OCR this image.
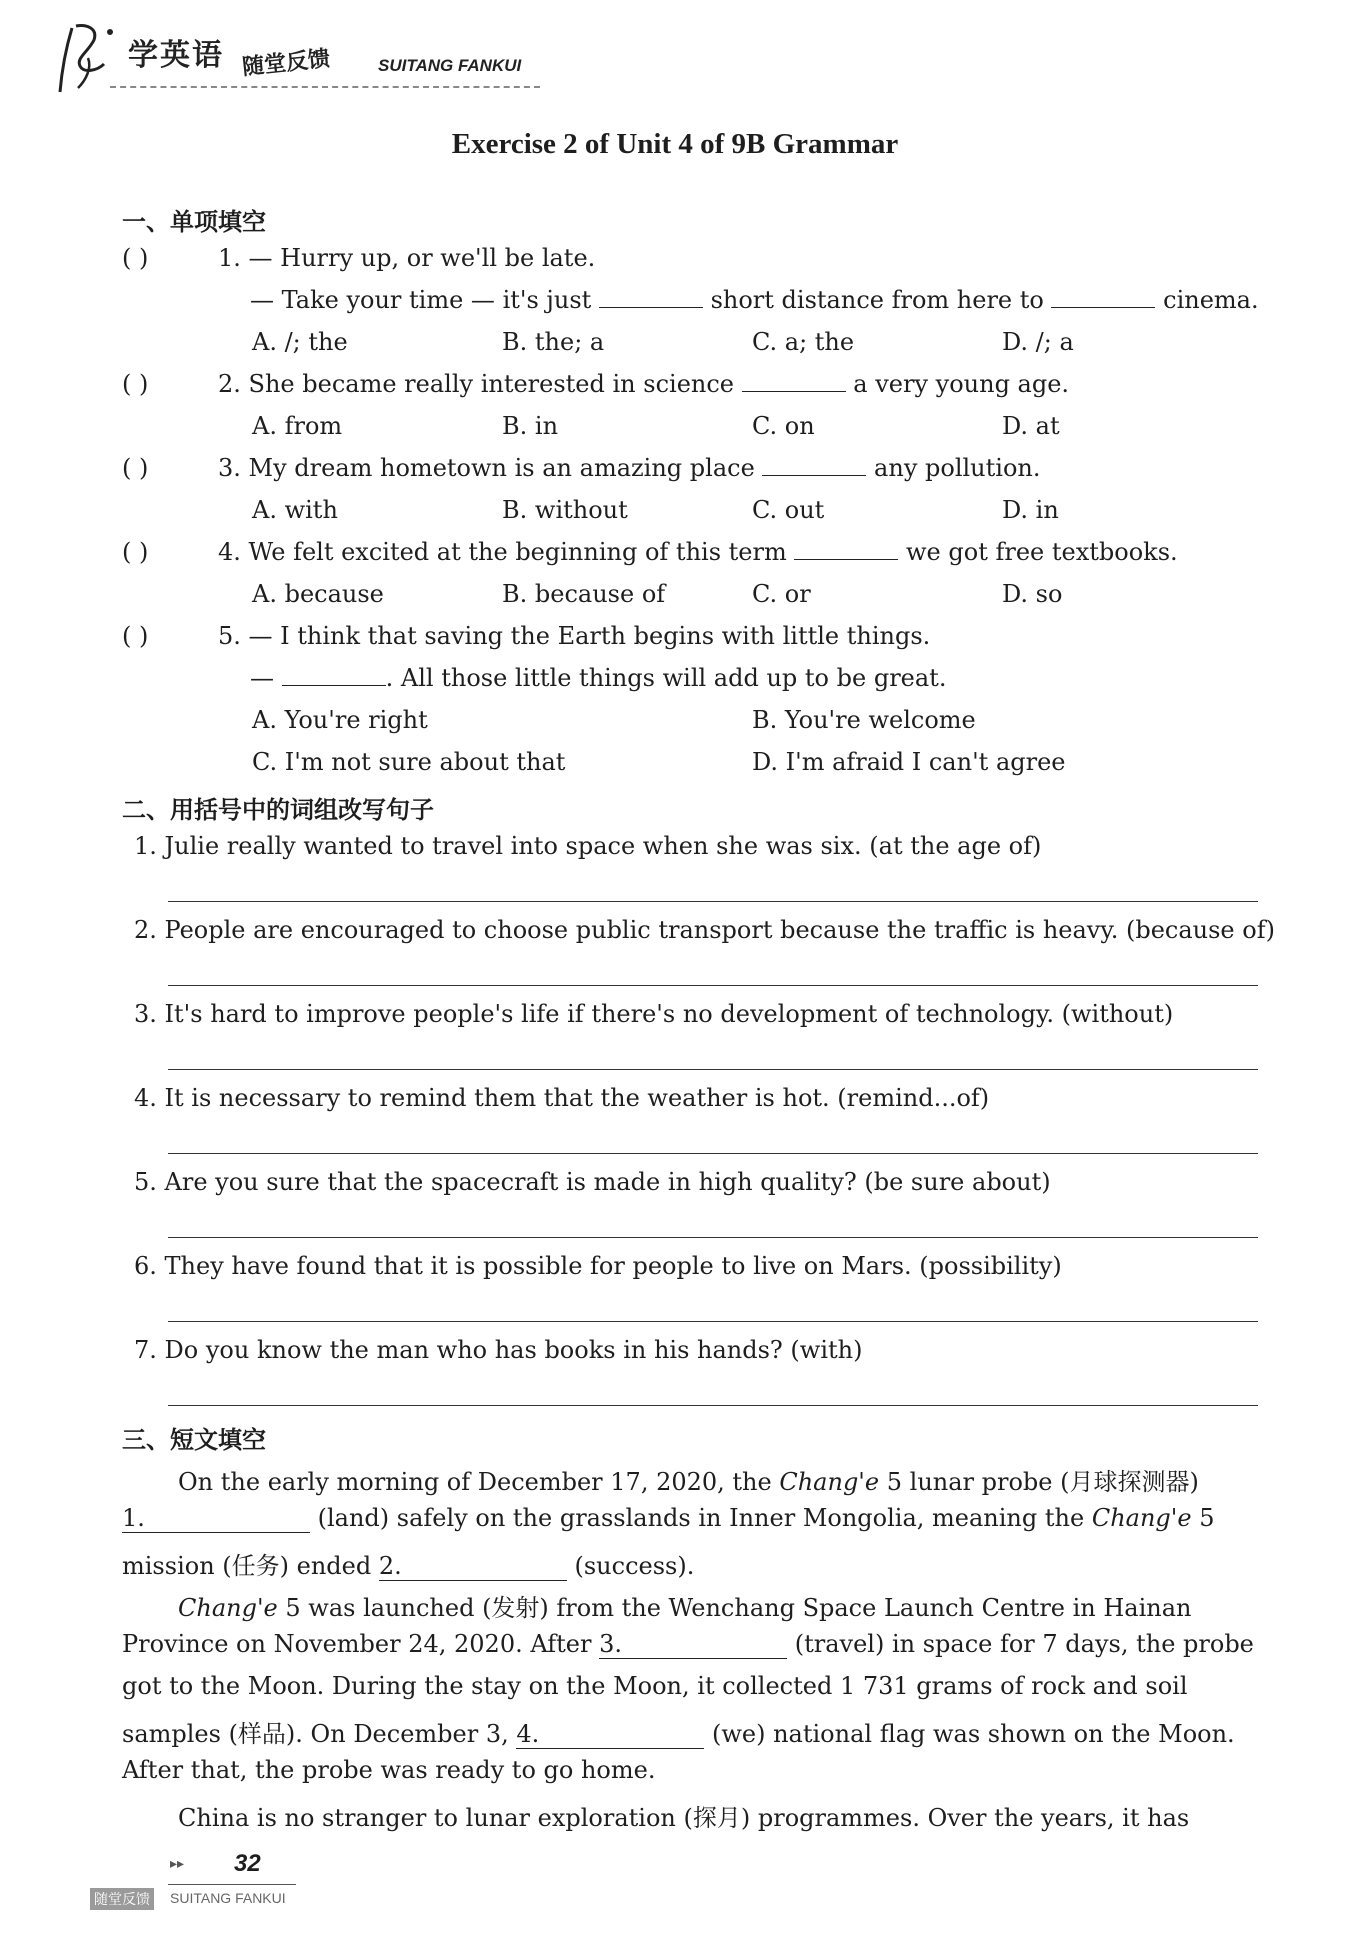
学英语 随堂反馈	SUITANG FANKUI
Exercise 2 of Unit 4 of 9B Grammar
一、单项填空
( )	1. — Hurry up, or we'll be late.
— Take your time — it's just	short distance from here to	cinema.
A. /; the	B. the; a	C. a; the	D. /; a
( )	2. She became really interested in science	a very young age.
A. from	B. in	C. on	D. at
( )	3. My dream hometown is an amazing place	any pollution.
A. with	B. without	C. out	D. in
( )	4. We felt excited at the beginning of this term	we got free textbooks.
A. because	B. because of	C. or	D. so
( )	5. — I think that saving the Earth begins with little things.
—	. All those little things will add up to be great.
A. You're right	B. You're welcome
C. I'm not sure about that	D. I'm afraid I can't agree
二、用括号中的词组改写句子
1. Julie really wanted to travel into space when she was six. (at the age of)
2. People are encouraged to choose public transport because the traffic is heavy. (because of)
3. It's hard to improve people's life if there's no development of technology. (without)
4. It is necessary to remind them that the weather is hot. (remind...of)
5. Are you sure that the spacecraft is made in high quality? (be sure about)
6. They have found that it is possible for people to live on Mars. (possibility)
7. Do you know the man who has books in his hands? (with)
三、短文填空
On the early morning of December 17, 2020, the Chang'e 5 lunar probe (月球探测器)
1.	(land) safely on the grasslands in Inner Mongolia, meaning the Chang'e 5
mission (任务) ended 2.	(success).
Chang'e 5 was launched (发射) from the Wenchang Space Launch Centre in Hainan
Province on November 24, 2020. After 3.	(travel) in space for 7 days, the probe
got to the Moon. During the stay on the Moon, it collected 1 731 grams of rock and soil
samples (样品). On December 3, 4.	(we) national flag was shown on the Moon.
After that, the probe was ready to go home.
China is no stranger to lunar exploration (探月) programmes. Over the years, it has
▸▸ 32
随堂反馈 SUITANG FANKUI
